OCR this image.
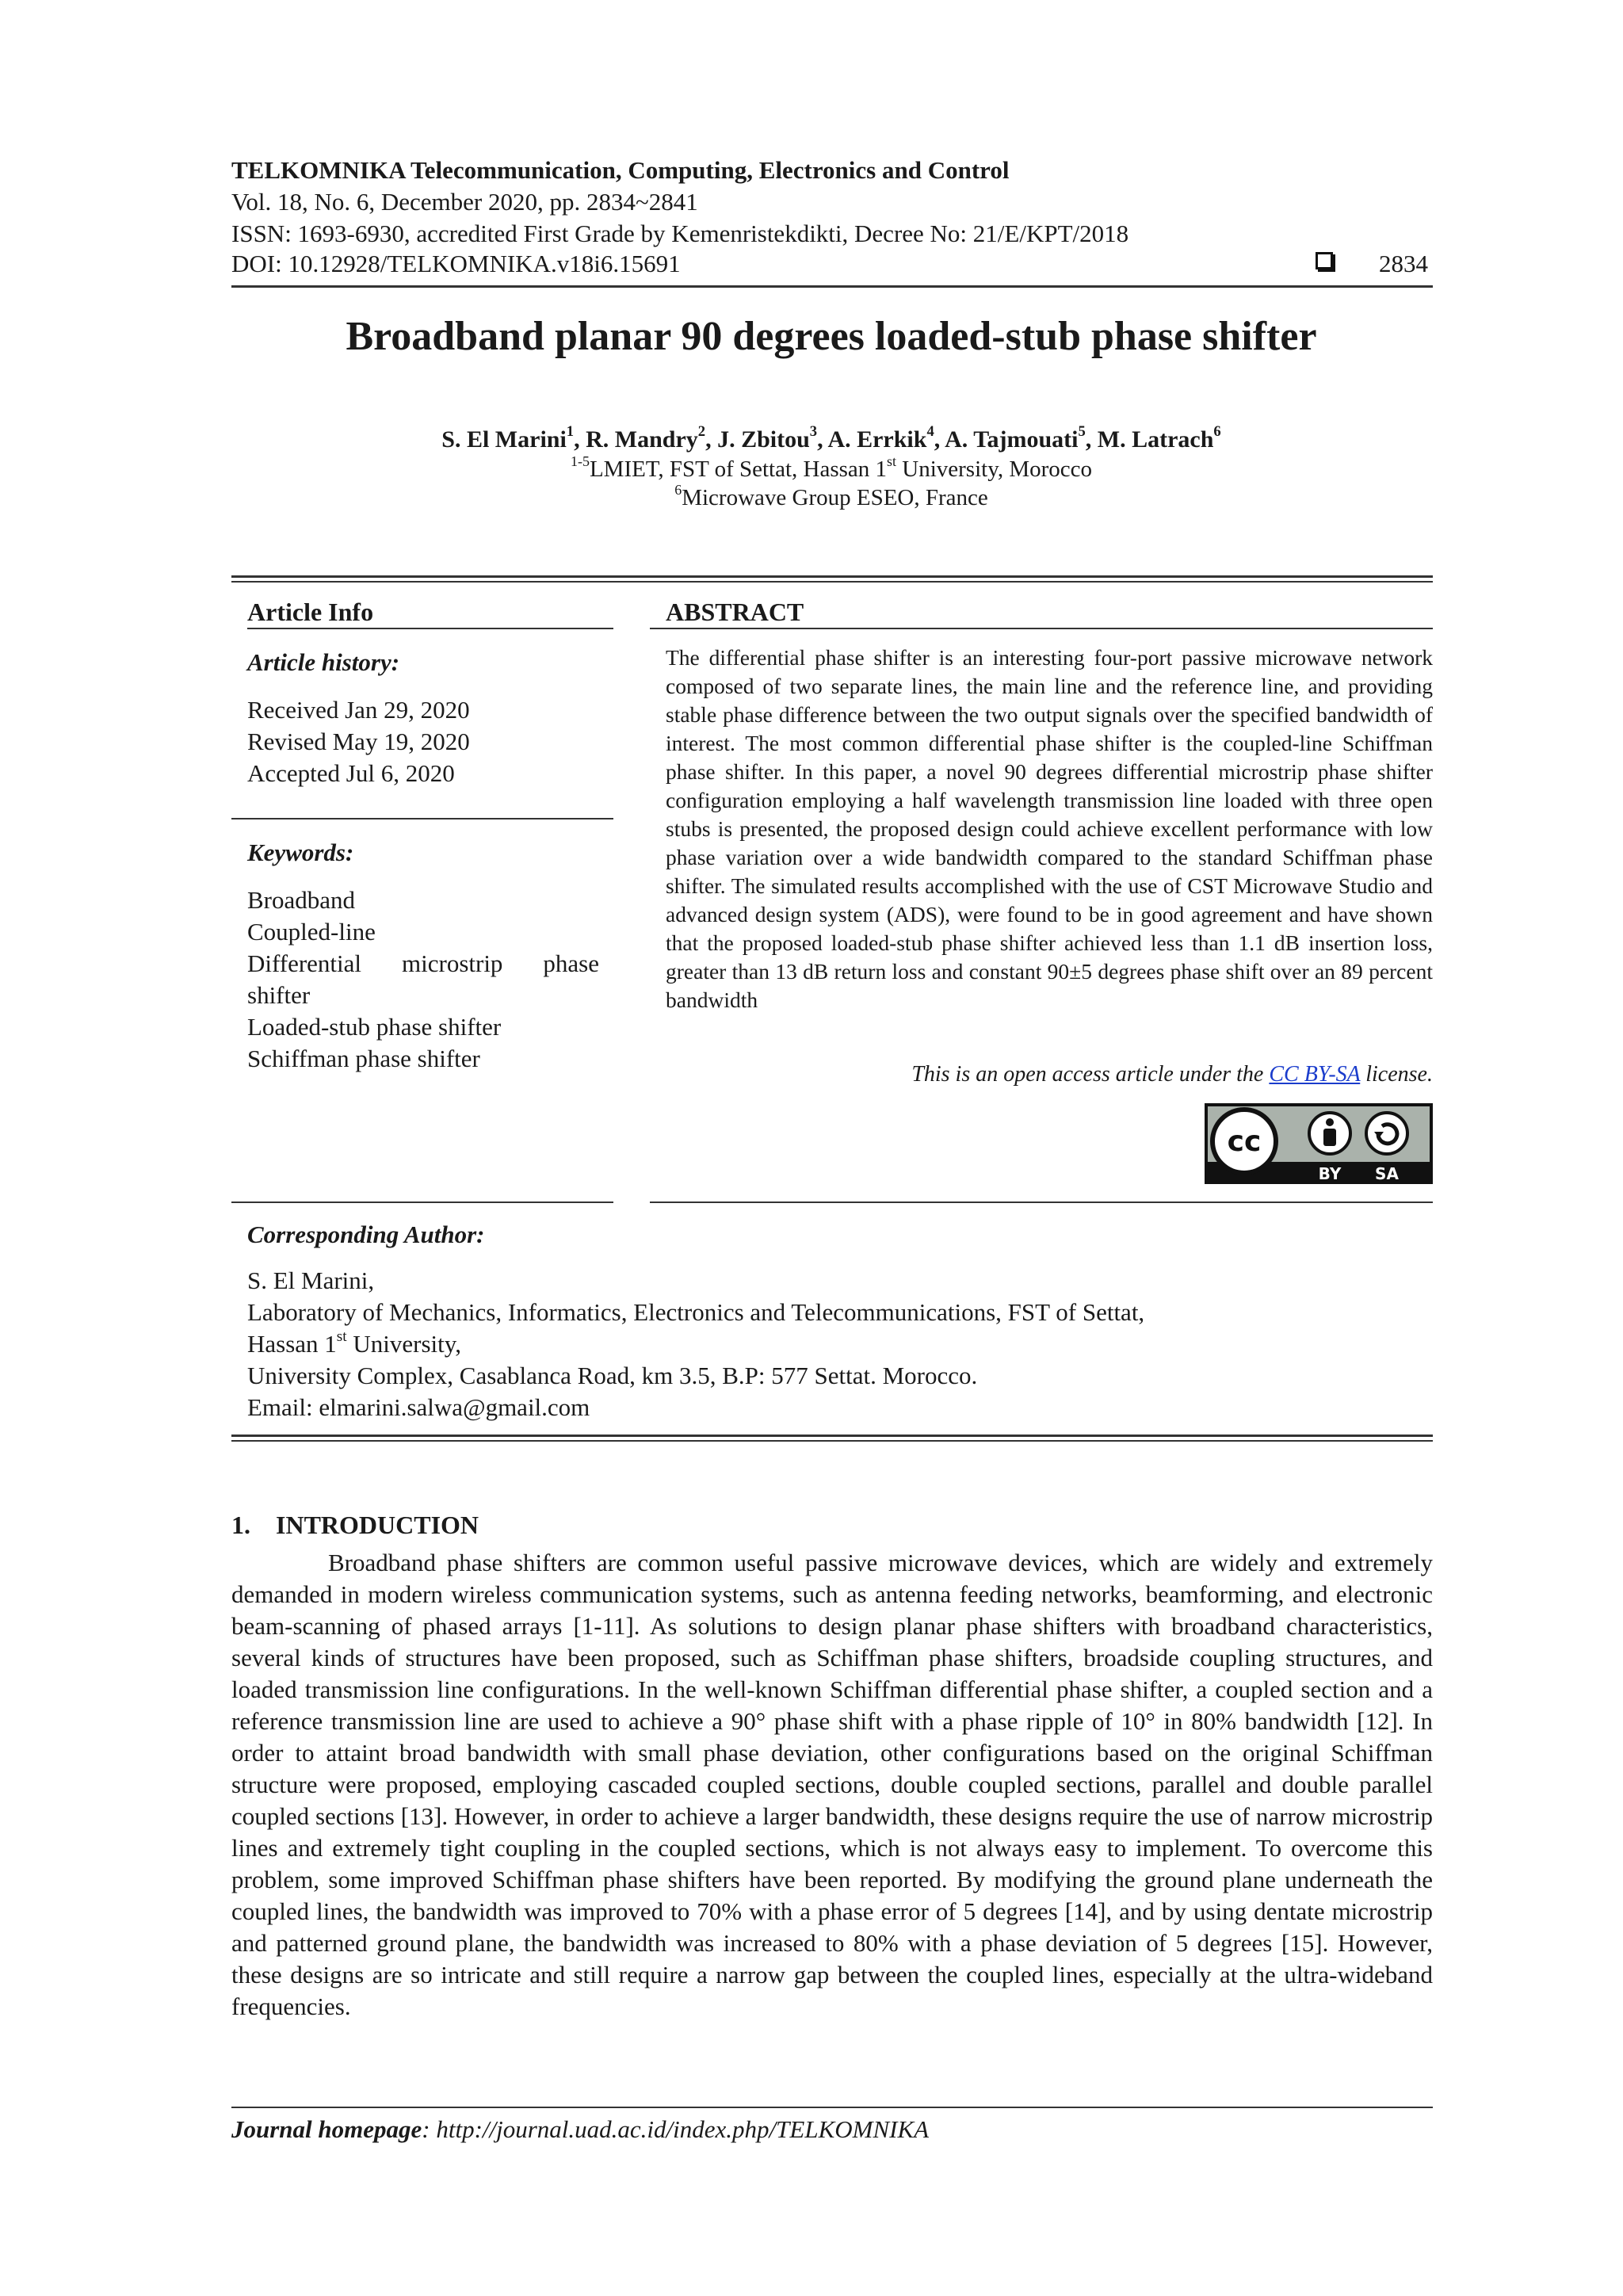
TELKOMNIKA Telecommunication, Computing, Electronics and Control
Vol. 18, No. 6, December 2020, pp. 2834~2841
ISSN: 1693-6930, accredited First Grade by Kemenristekdikti, Decree No: 21/E/KPT/2018
DOI: 10.12928/TELKOMNIKA.v18i6.15691	2834
Broadband planar 90 degrees loaded-stub phase shifter
S. El Marini$^1$, R. Mandry$^2$, J. Zbitou$^3$, A. Errkik$^4$, A. Tajmouati$^5$, M. Latrach$^6$
$^{1-5}$LMIET, FST of Settat, Hassan 1st University, Morocco
$^6$Microwave Group ESEO, France
Article Info
Article history:
Received Jan 29, 2020
Revised May 19, 2020
Accepted Jul 6, 2020
Keywords:
Broadband
Coupled-line
Differential microstrip phase shifter
Loaded-stub phase shifter
Schiffman phase shifter
ABSTRACT

The differential phase shifter is an interesting four-port passive microwave network composed of two separate lines, the main line and the reference line, and providing stable phase difference between the two output signals over the specified bandwidth of interest. The most common differential phase shifter is the coupled-line Schiffman phase shifter. In this paper, a novel 90 degrees differential microstrip phase shifter configuration employing a half wavelength transmission line loaded with three open stubs is presented, the proposed design could achieve excellent performance with low phase variation over a wide bandwidth compared to the standard Schiffman phase shifter. The simulated results accomplished with the use of CST Microwave Studio and advanced design system (ADS), were found to be in good agreement and have shown that the proposed loaded-stub phase shifter achieved less than 1.1 dB insertion loss, greater than 13 dB return loss and constant 90±5 degrees phase shift over an 89 percent bandwidth

This is an open access article under the CC BY-SA license.
cc
BY SA
Corresponding Author:
S. El Marini,
Laboratory of Mechanics, Informatics, Electronics and Telecommunications, FST of Settat,
Hassan 1st University,
University Complex, Casablanca Road, km 3.5, B.P: 577 Settat. Morocco.
Email: elmarini.salwa@gmail.com
1.    INTRODUCTION

Broadband phase shifters are common useful passive microwave devices, which are widely and extremely demanded in modern wireless communication systems, such as antenna feeding networks, beamforming, and electronic beam-scanning of phased arrays [1-11]. As solutions to design planar phase shifters with broadband characteristics, several kinds of structures have been proposed, such as Schiffman phase shifters, broadside coupling structures, and loaded transmission line configurations. In the well-known Schiffman differential phase shifter, a coupled section and a reference transmission line are used to achieve a 90° phase shift with a phase ripple of 10° in 80% bandwidth [12]. In order to attaint broad bandwidth with small phase deviation, other configurations based on the original Schiffman structure were proposed, employing cascaded coupled sections, double coupled sections, parallel and double parallel coupled sections [13]. However, in order to achieve a larger bandwidth, these designs require the use of narrow microstrip lines and extremely tight coupling in the coupled sections, which is not always easy to implement. To overcome this problem, some improved Schiffman phase shifters have been reported. By modifying the ground plane underneath the coupled lines, the bandwidth was improved to 70% with a phase error of 5 degrees [14], and by using dentate microstrip and patterned ground plane, the bandwidth was increased to 80% with a phase deviation of 5 degrees [15]. However, these designs are so intricate and still require a narrow gap between the coupled lines, especially at the ultra-wideband frequencies.

Journal homepage: http://journal.uad.ac.id/index.php/TELKOMNIKA
